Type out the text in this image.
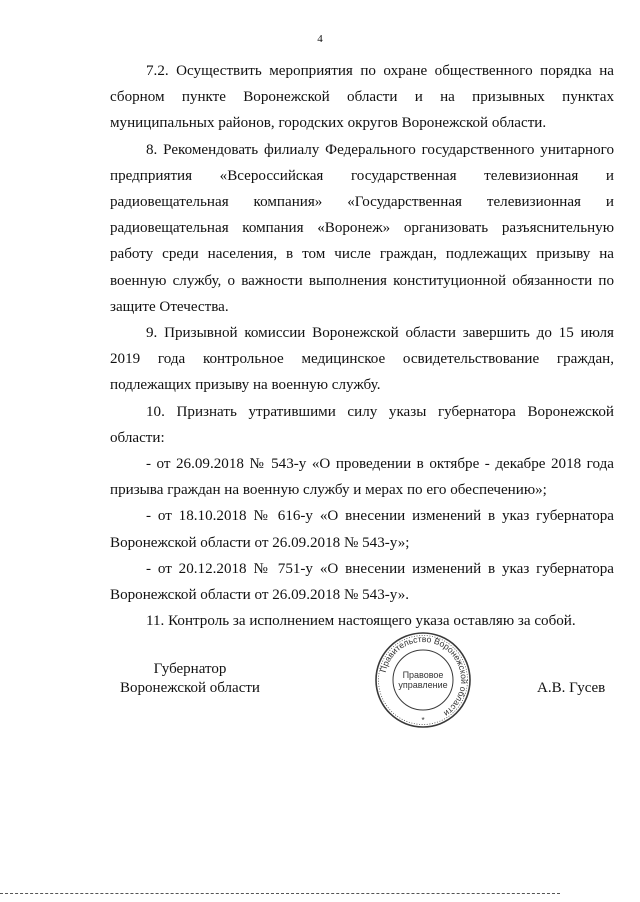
4

7.2. Осуществить мероприятия по охране общественного порядка на сборном пункте Воронежской области и на призывных пунктах муниципальных районов, городских округов Воронежской области.

8. Рекомендовать филиалу Федерального государственного унитарного предприятия «Всероссийская государственная телевизионная и радиовещательная компания» «Государственная телевизионная и радиовещательная компания «Воронеж» организовать разъяснительную работу среди населения, в том числе граждан, подлежащих призыву на военную службу, о важности выполнения конституционной обязанности по защите Отечества.

9. Призывной комиссии Воронежской области завершить до 15 июля 2019 года контрольное медицинское освидетельствование граждан, подлежащих призыву на военную службу.

10. Признать утратившими силу указы губернатора Воронежской области:

- от 26.09.2018 № 543-у «О проведении в октябре - декабре 2018 года призыва граждан на военную службу и мерах по его обеспечению»;

- от 18.10.2018 № 616-у «О внесении изменений в указ губернатора Воронежской области от 26.09.2018 № 543-у»;

- от 20.12.2018 № 751-у «О внесении изменений в указ губернатора Воронежской области от 26.09.2018 № 543-у».

11. Контроль за исполнением настоящего указа оставляю за собой.

Губернатор
Воронежской области
Правительство Воронежской области
Правовое
управление
*
А.В. Гусев
